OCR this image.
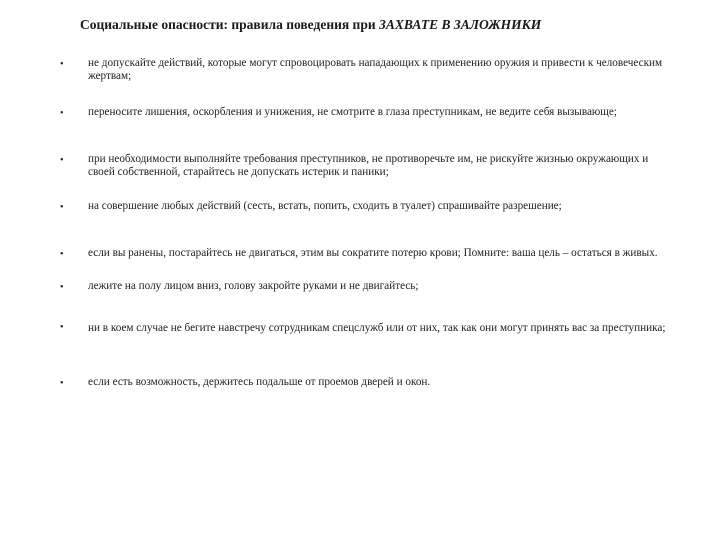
Социальные опасности: правила поведения при ЗАХВАТЕ В ЗАЛОЖНИКИ
• не допускайте действий, которые могут спровоцировать нападающих к применению оружия и привести к человеческим жертвам;
• переносите лишения, оскорбления и унижения, не смотрите в глаза преступникам, не ведите себя вызывающе;
• при необходимости выполняйте требования преступников, не противоречьте им, не рискуйте жизнью окружающих и своей собственной, старайтесь не допускать истерик и паники;
• на совершение любых действий (сесть, встать, попить, сходить в туалет) спрашивайте разрешение;
• если вы ранены, постарайтесь не двигаться, этим вы сократите потерю крови; Помните: ваша цель – остаться в живых.
• лежите на полу лицом вниз, голову закройте руками и не двигайтесь;
• ни в коем случае не бегите навстречу сотрудникам спецслужб или от них, так как они могут принять вас за преступника;
• если есть возможность, держитесь подальше от проемов дверей и окон.
